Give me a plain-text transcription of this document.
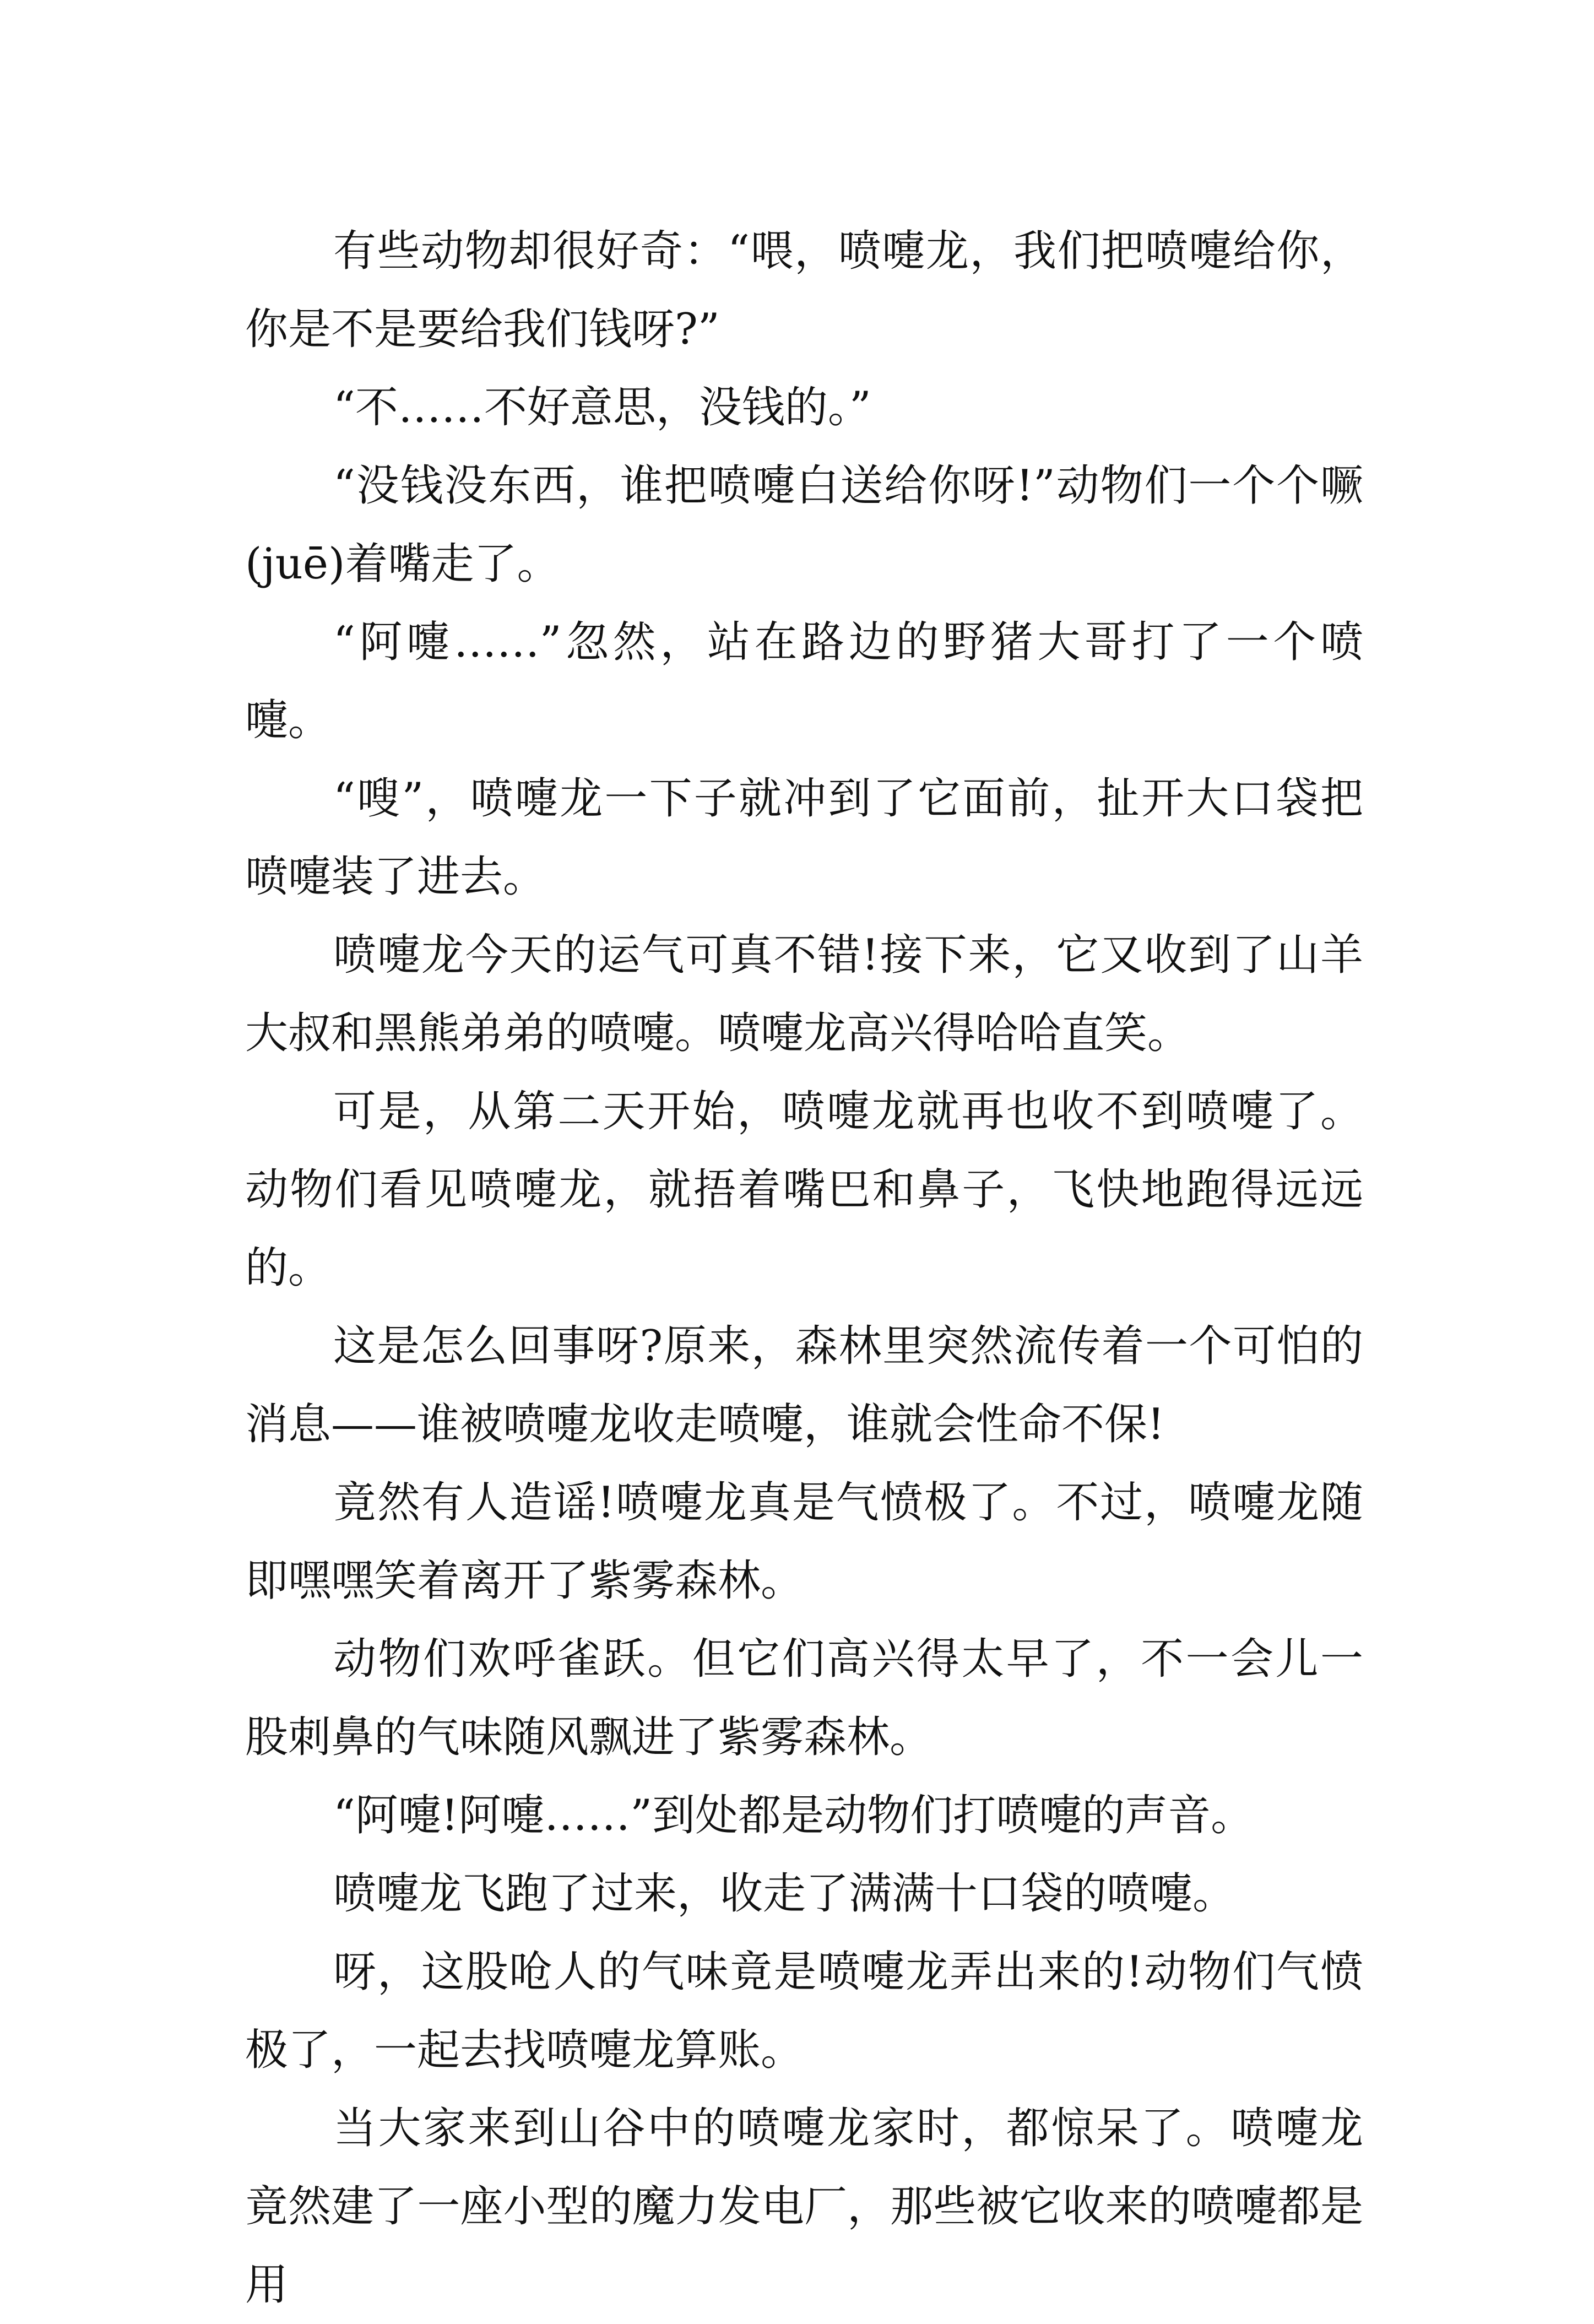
有些动物却很好奇：“喂，喷嚏龙，我们把喷嚏给你，你是不是要给我们钱呀?”

“不……不好意思，没钱的。”

“没钱没东西，谁把喷嚏白送给你呀!”动物们一个个噘(juē)着嘴走了。

“阿嚏……”忽然，站在路边的野猪大哥打了一个喷嚏。

“嗖”，喷嚏龙一下子就冲到了它面前，扯开大口袋把喷嚏装了进去。

喷嚏龙今天的运气可真不错!接下来，它又收到了山羊大叔和黑熊弟弟的喷嚏。喷嚏龙高兴得哈哈直笑。

可是，从第二天开始，喷嚏龙就再也收不到喷嚏了。动物们看见喷嚏龙，就捂着嘴巴和鼻子，飞快地跑得远远的。

这是怎么回事呀?原来，森林里突然流传着一个可怕的消息——谁被喷嚏龙收走喷嚏，谁就会性命不保!

竟然有人造谣!喷嚏龙真是气愤极了。不过，喷嚏龙随即嘿嘿笑着离开了紫雾森林。

动物们欢呼雀跃。但它们高兴得太早了，不一会儿一股刺鼻的气味随风飘进了紫雾森林。

“阿嚏!阿嚏……”到处都是动物们打喷嚏的声音。

喷嚏龙飞跑了过来，收走了满满十口袋的喷嚏。

呀，这股呛人的气味竟是喷嚏龙弄出来的!动物们气愤极了，一起去找喷嚏龙算账。

当大家来到山谷中的喷嚏龙家时，都惊呆了。喷嚏龙竟然建了一座小型的魔力发电厂，那些被它收来的喷嚏都是用
